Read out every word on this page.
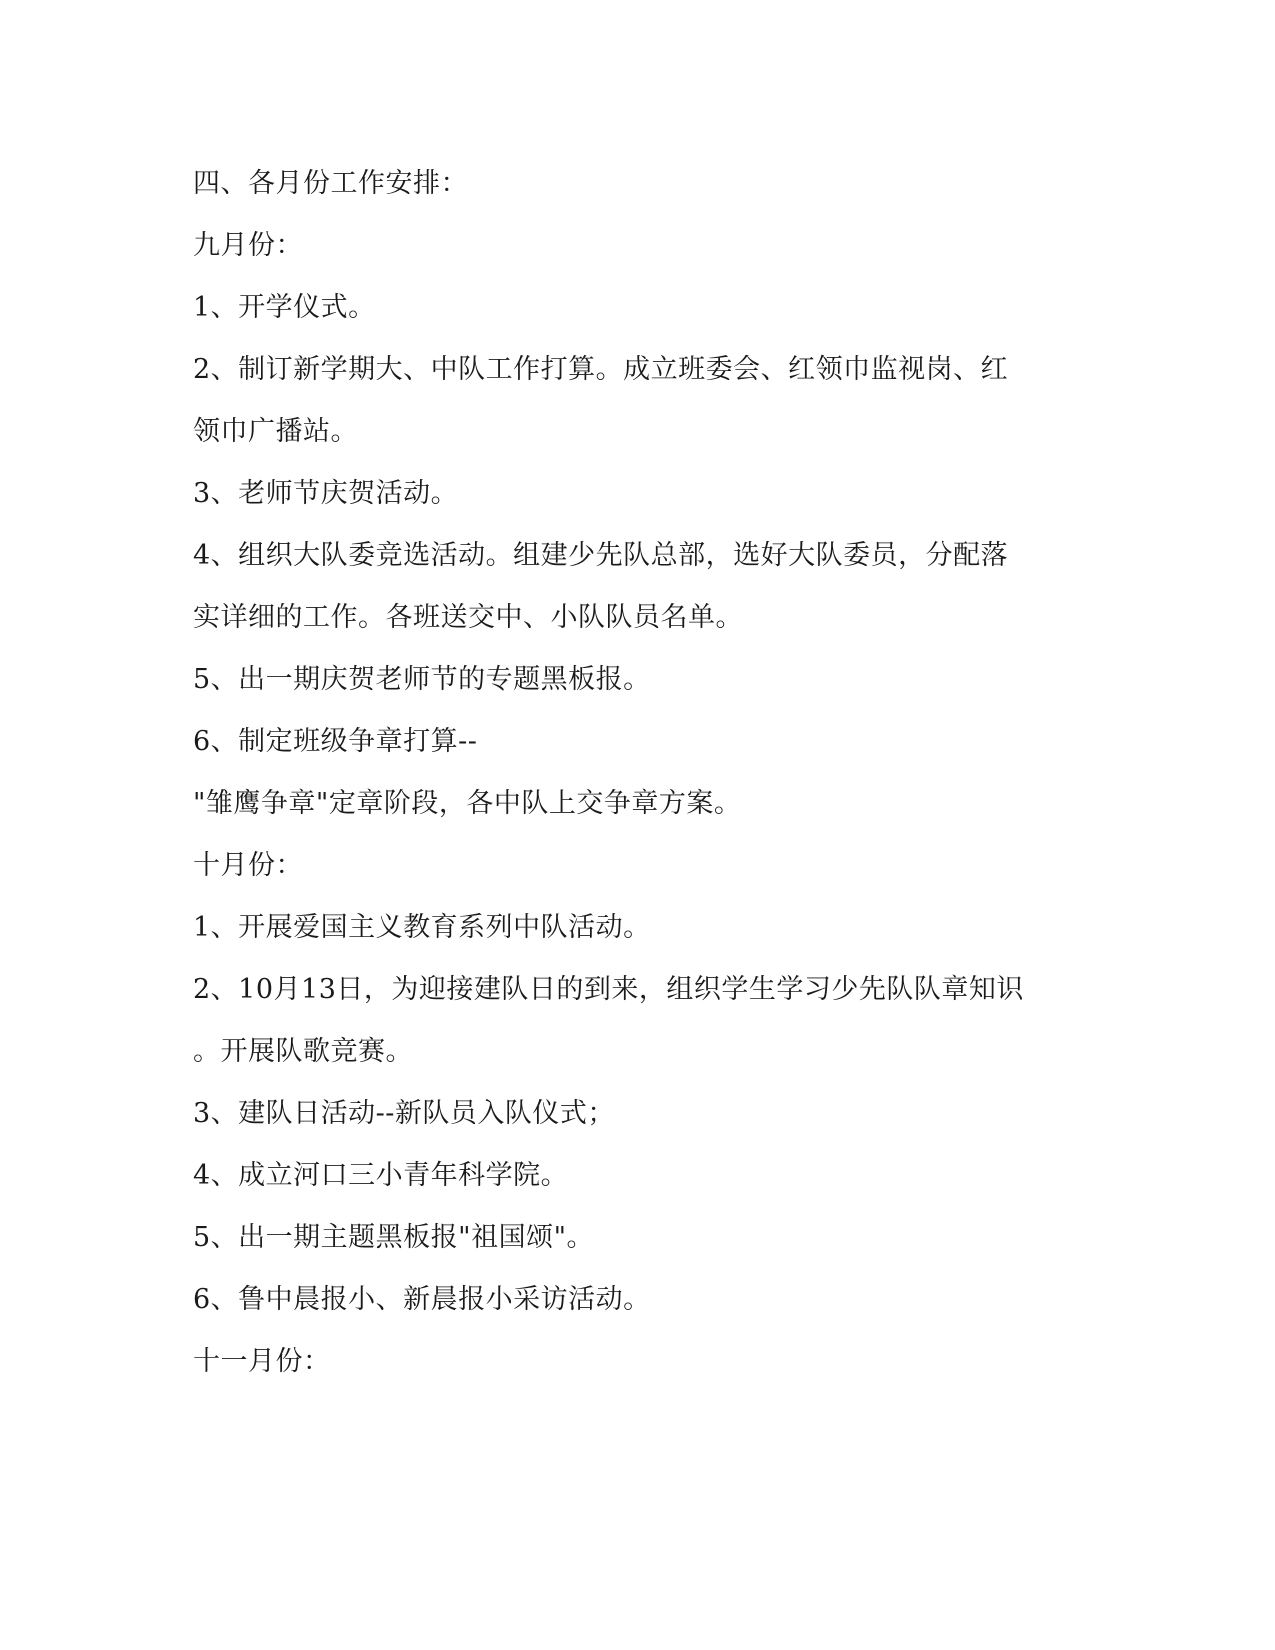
四、各月份工作安排：
九月份：
1、开学仪式。
2、制订新学期大、中队工作打算。成立班委会、红领巾监视岗、红
领巾广播站。
3、老师节庆贺活动。
4、组织大队委竞选活动。组建少先队总部，选好大队委员，分配落
实详细的工作。各班送交中、小队队员名单。
5、出一期庆贺老师节的专题黑板报。
6、制定班级争章打算--
"雏鹰争章"定章阶段，各中队上交争章方案。
十月份：
1、开展爱国主义教育系列中队活动。
2、10月13日，为迎接建队日的到来，组织学生学习少先队队章知识
。开展队歌竞赛。
3、建队日活动--新队员入队仪式；
4、成立河口三小青年科学院。
5、出一期主题黑板报"祖国颂"。
6、鲁中晨报小、新晨报小采访活动。
十一月份：
